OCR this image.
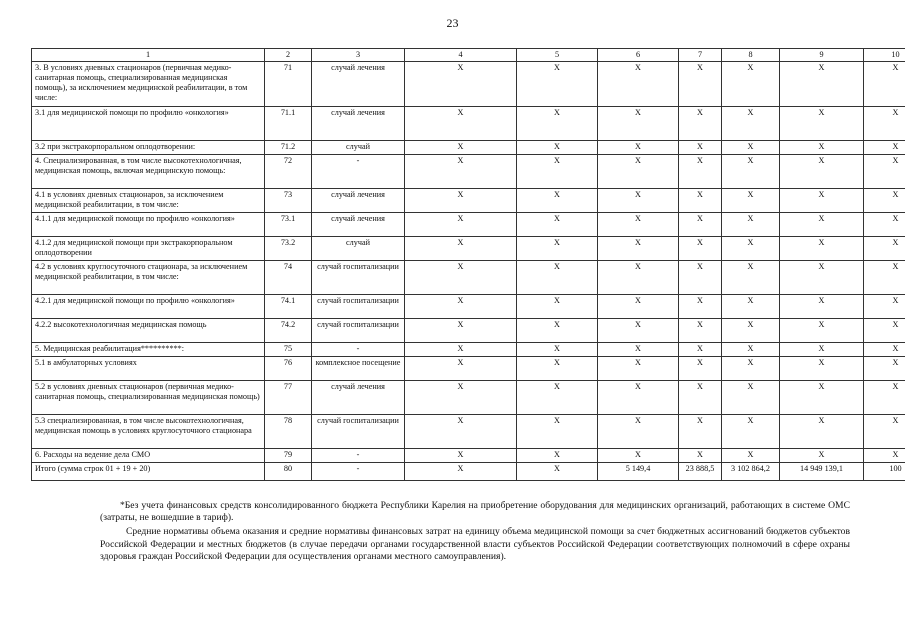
23
1	2	3	4	5	6	7	8	9	10
3. В условиях дневных стационаров (первичная медико-санитарная помощь, специализированная медицинская помощь), за исключением медицинской реабилитации, в том числе:	71	случай лечения	Х	Х	Х	Х	Х	Х	Х
3.1 для медицинской помощи по профилю «онкология»	71.1	случай лечения	Х	Х	Х	Х	Х	Х	Х
3.2 при экстракорпоральном оплодотворении:	71.2	случай	Х	Х	Х	Х	Х	Х	Х
4. Специализированная, в том числе высокотехнологичная, медицинская помощь, включая медицинскую помощь:	72	-	Х	Х	Х	Х	Х	Х	Х
4.1 в условиях дневных стационаров, за исключением медицинской реабилитации, в том числе:	73	случай лечения	Х	Х	Х	Х	Х	Х	Х
4.1.1 для медицинской помощи по профилю «онкология»	73.1	случай лечения	Х	Х	Х	Х	Х	Х	Х
4.1.2 для медицинской помощи при экстракорпоральном оплодотворении	73.2	случай	Х	Х	Х	Х	Х	Х	Х
4.2 в условиях круглосуточного стационара, за исключением медицинской реабилитации, в том числе:	74	случай госпитализации	Х	Х	Х	Х	Х	Х	Х
4.2.1 для медицинской помощи по профилю «онкология»	74.1	случай госпитализации	Х	Х	Х	Х	Х	Х	Х
4.2.2 высокотехнологичная медицинская помощь	74.2	случай госпитализации	Х	Х	Х	Х	Х	Х	Х
5. Медицинская реабилитация**********:	75	-	Х	Х	Х	Х	Х	Х	Х
5.1 в амбулаторных условиях	76	комплексное посещение	Х	Х	Х	Х	Х	Х	Х
5.2 в условиях дневных стационаров (первичная медико-санитарная помощь, специализированная медицинская помощь)	77	случай лечения	Х	Х	Х	Х	Х	Х	Х
5.3 специализированная, в том числе высокотехнологичная, медицинская помощь в условиях круглосуточного стационара	78	случай госпитализации	Х	Х	Х	Х	Х	Х	Х
6. Расходы на ведение дела СМО	79	-	Х	Х	Х	Х	Х	Х	Х
Итого (сумма строк 01 + 19 + 20)	80	-	Х	Х	5 149,4	23 888,5	3 102 864,2	14 949 139,1	100

*Без учета финансовых средств консолидированного бюджета Республики Карелия на приобретение оборудования для медицинских организаций, работающих в системе ОМС (затраты, не вошедшие в тариф).

Средние нормативы объема оказания и средние нормативы финансовых затрат на единицу объема медицинской помощи за счет бюджетных ассигнований бюджетов субъектов Российской Федерации и местных бюджетов (в случае передачи органами государственной власти субъектов Российской Федерации соответствующих полномочий в сфере охраны здоровья граждан Российской Федерации для осуществления органами местного самоуправления).
